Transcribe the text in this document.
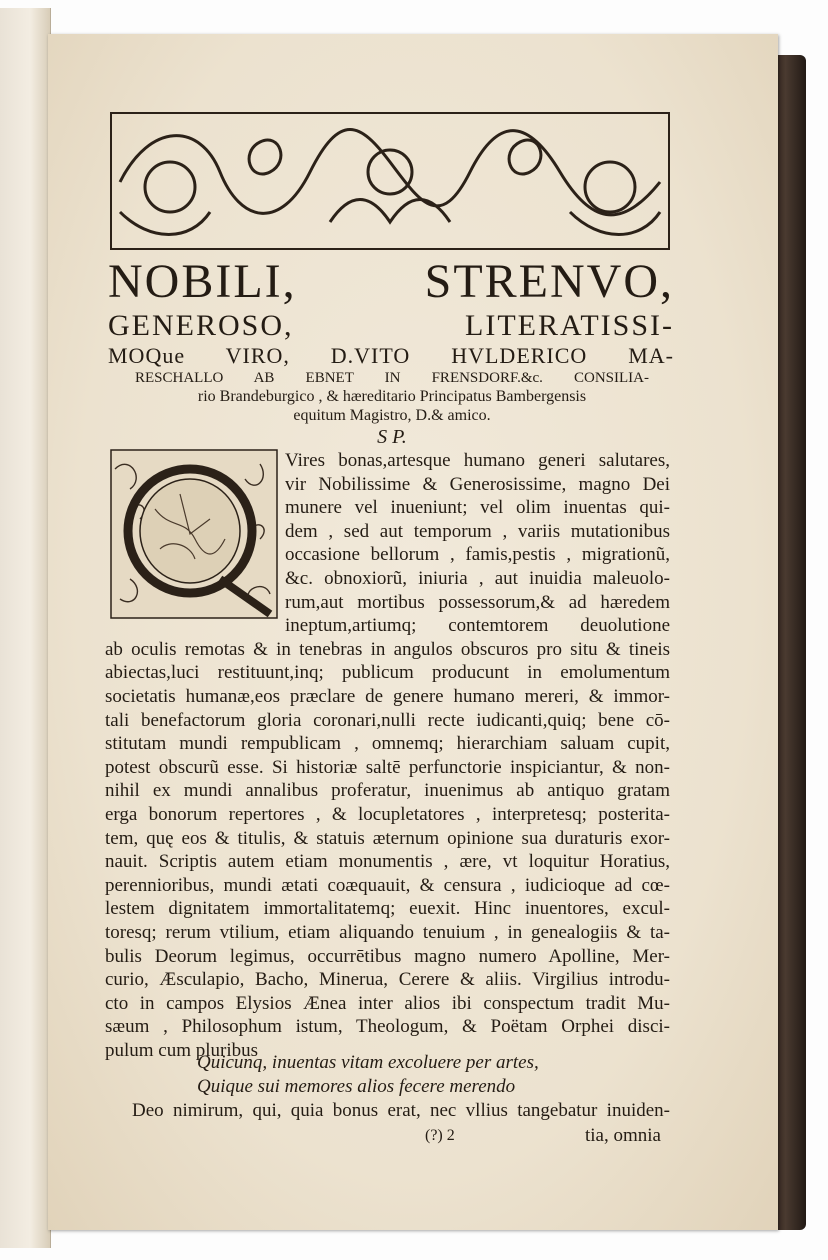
NOBILI, STRENVO,
GENEROSO, LITERATISSI-
MOQue VIRO, D.VITO HVLDERICO MA-
RESCHALLO AB EBNET IN FRENSDORF.&c. CONSILIA-
rio Brandeburgico , & hæreditario Principatus Bambergensis
equitum Magistro, D.& amico.
S P.
Vires bonas,artesque humano generi salutares,
vir Nobilissime & Generosissime, magno Dei
munere vel inueniunt; vel olim inuentas qui-
dem , sed aut temporum , variis mutationibus
occasione bellorum , famis,pestis , migrationũ,
&c. obnoxiorũ, iniuria , aut inuidia maleuolo-
rum,aut mortibus possessorum,& ad hæredem
ineptum,artiumq; contemtorem deuolutione
ab oculis remotas & in tenebras in angulos obscuros pro situ & tineis
abiectas,luci restituunt,inq; publicum producunt in emolumentum
societatis humanæ,eos præclare de genere humano mereri, & immor-
tali benefactorum gloria coronari,nulli recte iudicanti,quiq; bene cō-
stitutam mundi rempublicam , omnemq; hierarchiam saluam cupit,
potest obscurũ esse. Si historiæ saltē perfunctorie inspiciantur, & non-
nihil ex mundi annalibus proferatur, inuenimus ab antiquo gratam
erga bonorum repertores , & locupletatores , interpretesq; posterita-
tem, quę eos & titulis, & statuis æternum opinione sua duraturis exor-
nauit. Scriptis autem etiam monumentis , ære, vt loquitur Horatius,
perennioribus, mundi ætati coæquauit, & censura , iudicioque ad cœ-
lestem dignitatem immortalitatemq; euexit. Hinc inuentores, excul-
toresq; rerum vtilium, etiam aliquando tenuium , in genealogiis & ta-
bulis Deorum legimus, occurrētibus magno numero Apolline, Mer-
curio, Æsculapio, Bacho, Minerua, Cerere & aliis. Virgilius introdu-
cto in campos Elysios Ænea inter alios ibi conspectum tradit Mu-
sæum , Philosophum istum, Theologum, & Poëtam Orphei disci-
pulum cum pluribus
Quicunq, inuentas vitam excoluere per artes,
Quique sui memores alios fecere merendo
Deo nimirum, qui, quia bonus erat, nec vllius tangebatur inuiden-
(?) 2	tia, omnia
